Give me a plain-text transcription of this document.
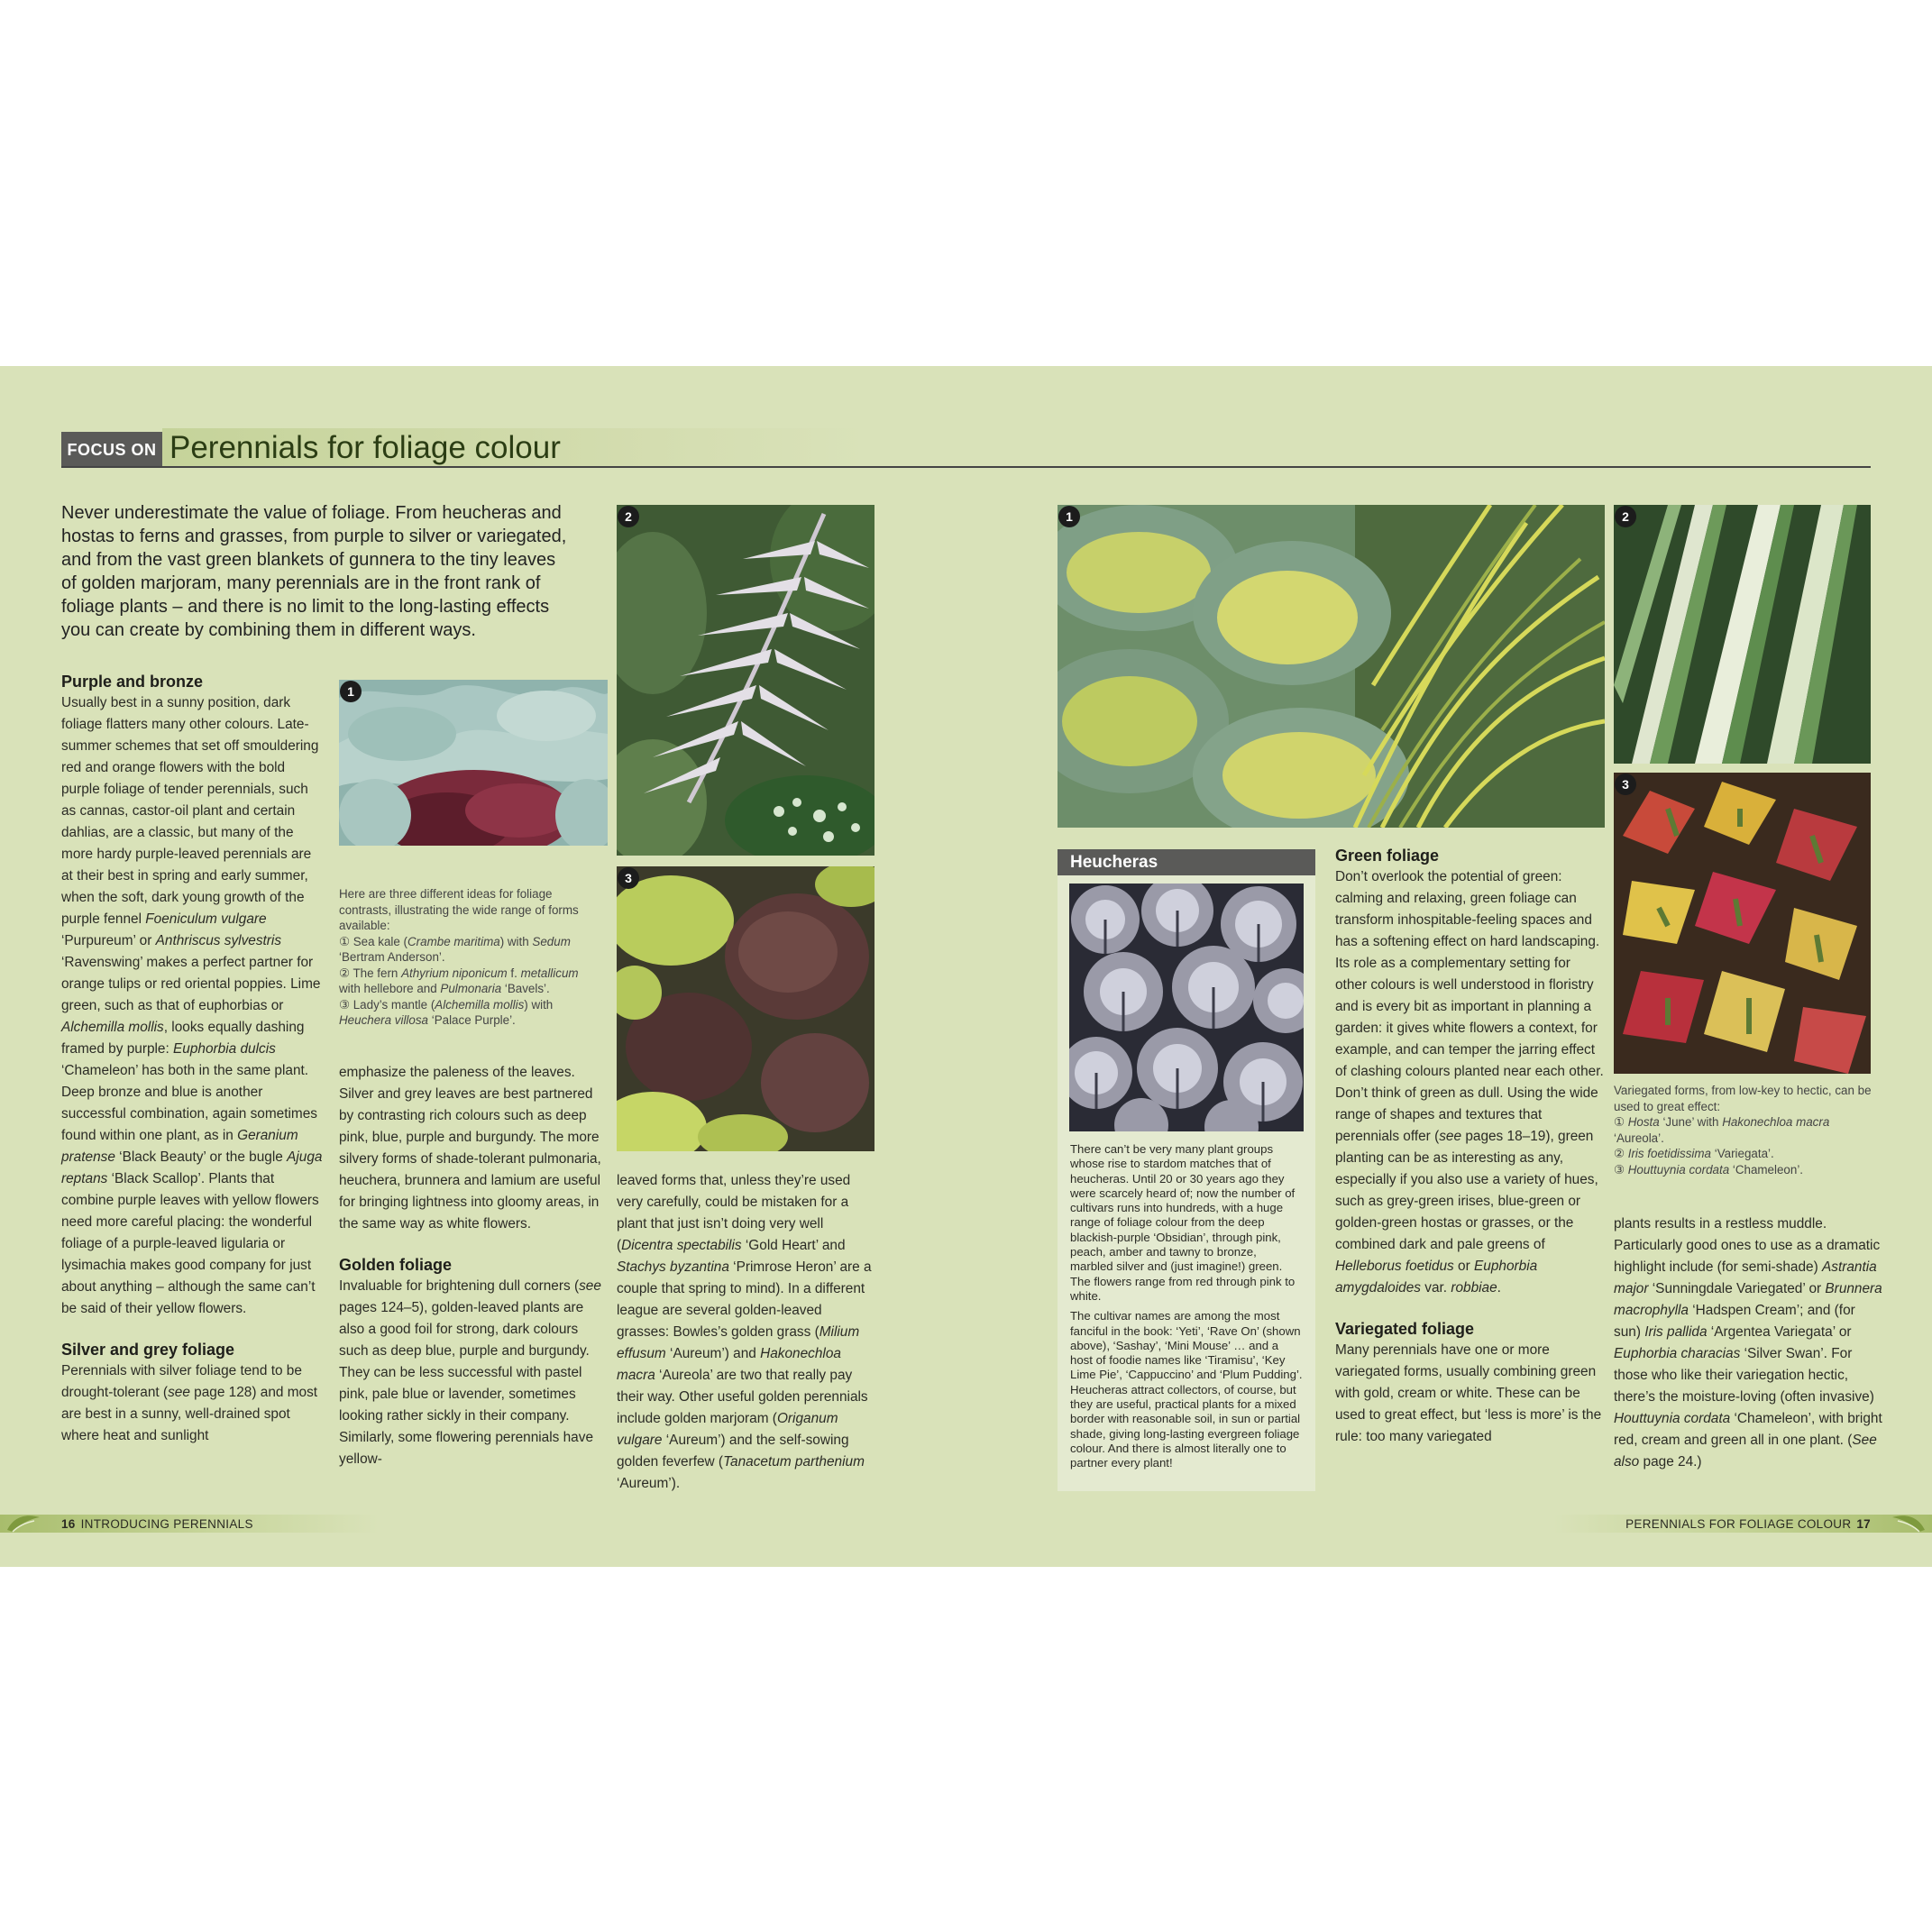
FOCUS ON Perennials for foliage colour
Never underestimate the value of foliage. From heucheras and hostas to ferns and grasses, from purple to silver or variegated, and from the vast green blankets of gunnera to the tiny leaves of golden marjoram, many perennials are in the front rank of foliage plants – and there is no limit to the long-lasting effects you can create by combining them in different ways.

Purple and bronze

Usually best in a sunny position, dark foliage flatters many other colours. Late-summer schemes that set off smouldering red and orange flowers with the bold purple foliage of tender perennials, such as cannas, castor-oil plant and certain dahlias, are a classic, but many of the more hardy purple-leaved perennials are at their best in spring and early summer, when the soft, dark young growth of the purple fennel Foeniculum vulgare ‘Purpureum’ or Anthriscus sylvestris ‘Ravenswing’ makes a perfect partner for orange tulips or red oriental poppies. Lime green, such as that of euphorbias or Alchemilla mollis, looks equally dashing framed by purple: Euphorbia dulcis ‘Chameleon’ has both in the same plant. Deep bronze and blue is another successful combination, again sometimes found within one plant, as in Geranium pratense ‘Black Beauty’ or the bugle Ajuga reptans ‘Black Scallop’. Plants that combine purple leaves with yellow flowers need more careful placing: the wonderful foliage of a purple-leaved ligularia or lysimachia makes good company for just about anything – although the same can’t be said of their yellow flowers.

Silver and grey foliage

Perennials with silver foliage tend to be drought-tolerant (see page 128) and most are best in a sunny, well-drained spot where heat and sunlight
1
Here are three different ideas for foliage contrasts, illustrating the wide range of forms available:
① Sea kale (Crambe maritima) with Sedum ‘Bertram Anderson’.
② The fern Athyrium niponicum f. metallicum with hellebore and Pulmonaria ‘Bavels’.
③ Lady’s mantle (Alchemilla mollis) with Heuchera villosa ‘Palace Purple’.
emphasize the paleness of the leaves. Silver and grey leaves are best partnered by contrasting rich colours such as deep pink, blue, purple and burgundy. The more silvery forms of shade-tolerant pulmonaria, heuchera, brunnera and lamium are useful for bringing lightness into gloomy areas, in the same way as white flowers.

Golden foliage

Invaluable for brightening dull corners (see pages 124–5), golden-leaved plants are also a good foil for strong, dark colours such as deep blue, purple and burgundy. They can be less successful with pastel pink, pale blue or lavender, sometimes looking rather sickly in their company. Similarly, some flowering perennials have yellow-
2
3
leaved forms that, unless they’re used very carefully, could be mistaken for a plant that just isn’t doing very well (Dicentra spectabilis ‘Gold Heart’ and Stachys byzantina ‘Primrose Heron’ are a couple that spring to mind). In a different league are several golden-leaved grasses: Bowles’s golden grass (Milium effusum ‘Aureum’) and Hakonechloa macra ‘Aureola’ are two that really pay their way. Other useful golden perennials include golden marjoram (Origanum vulgare ‘Aureum’) and the self-sowing golden feverfew (Tanacetum parthenium ‘Aureum’).
1	2
3
Variegated forms, from low-key to hectic, can be used to great effect:
① Hosta ‘June’ with Hakonechloa macra ‘Aureola’.
② Iris foetidissima ‘Variegata’.
③ Houttuynia cordata ‘Chameleon’.
Heucheras
There can’t be very many plant groups whose rise to stardom matches that of heucheras. Until 20 or 30 years ago they were scarcely heard of; now the number of cultivars runs into hundreds, with a huge range of foliage colour from the deep blackish-purple ‘Obsidian’, through pink, peach, amber and tawny to bronze, marbled silver and (just imagine!) green. The flowers range from red through pink to white.
The cultivar names are among the most fanciful in the book: ‘Yeti’, ‘Rave On’ (shown above), ‘Sashay’, ‘Mini Mouse’ … and a host of foodie names like ‘Tiramisu’, ‘Key Lime Pie’, ‘Cappuccino’ and ‘Plum Pudding’. Heucheras attract collectors, of course, but they are useful, practical plants for a mixed border with reasonable soil, in sun or partial shade, giving long-lasting evergreen foliage colour. And there is almost literally one to partner every plant!

Green foliage

Don’t overlook the potential of green: calming and relaxing, green foliage can transform inhospitable-feeling spaces and has a softening effect on hard landscaping. Its role as a complementary setting for other colours is well understood in floristry and is every bit as important in planning a garden: it gives white flowers a context, for example, and can temper the jarring effect of clashing colours planted near each other. Don’t think of green as dull. Using the wide range of shapes and textures that perennials offer (see pages 18–19), green planting can be as interesting as any, especially if you also use a variety of hues, such as grey-green irises, blue-green or golden-green hostas or grasses, or the combined dark and pale greens of Helleborus foetidus or Euphorbia amygdaloides var. robbiae.

Variegated foliage

Many perennials have one or more variegated forms, usually combining green with gold, cream or white. These can be used to great effect, but ‘less is more’ is the rule: too many variegated
plants results in a restless muddle. Particularly good ones to use as a dramatic highlight include (for semi-shade) Astrantia major ‘Sunningdale Variegated’ or Brunnera macrophylla ‘Hadspen Cream’; and (for sun) Iris pallida ‘Argentea Variegata’ or Euphorbia characias ‘Silver Swan’. For those who like their variegation hectic, there’s the moisture-loving (often invasive) Houttuynia cordata ‘Chameleon’, with bright red, cream and green all in one plant. (See also page 24.)
16 INTRODUCING PERENNIALS	PERENNIALS FOR FOLIAGE COLOUR 17
